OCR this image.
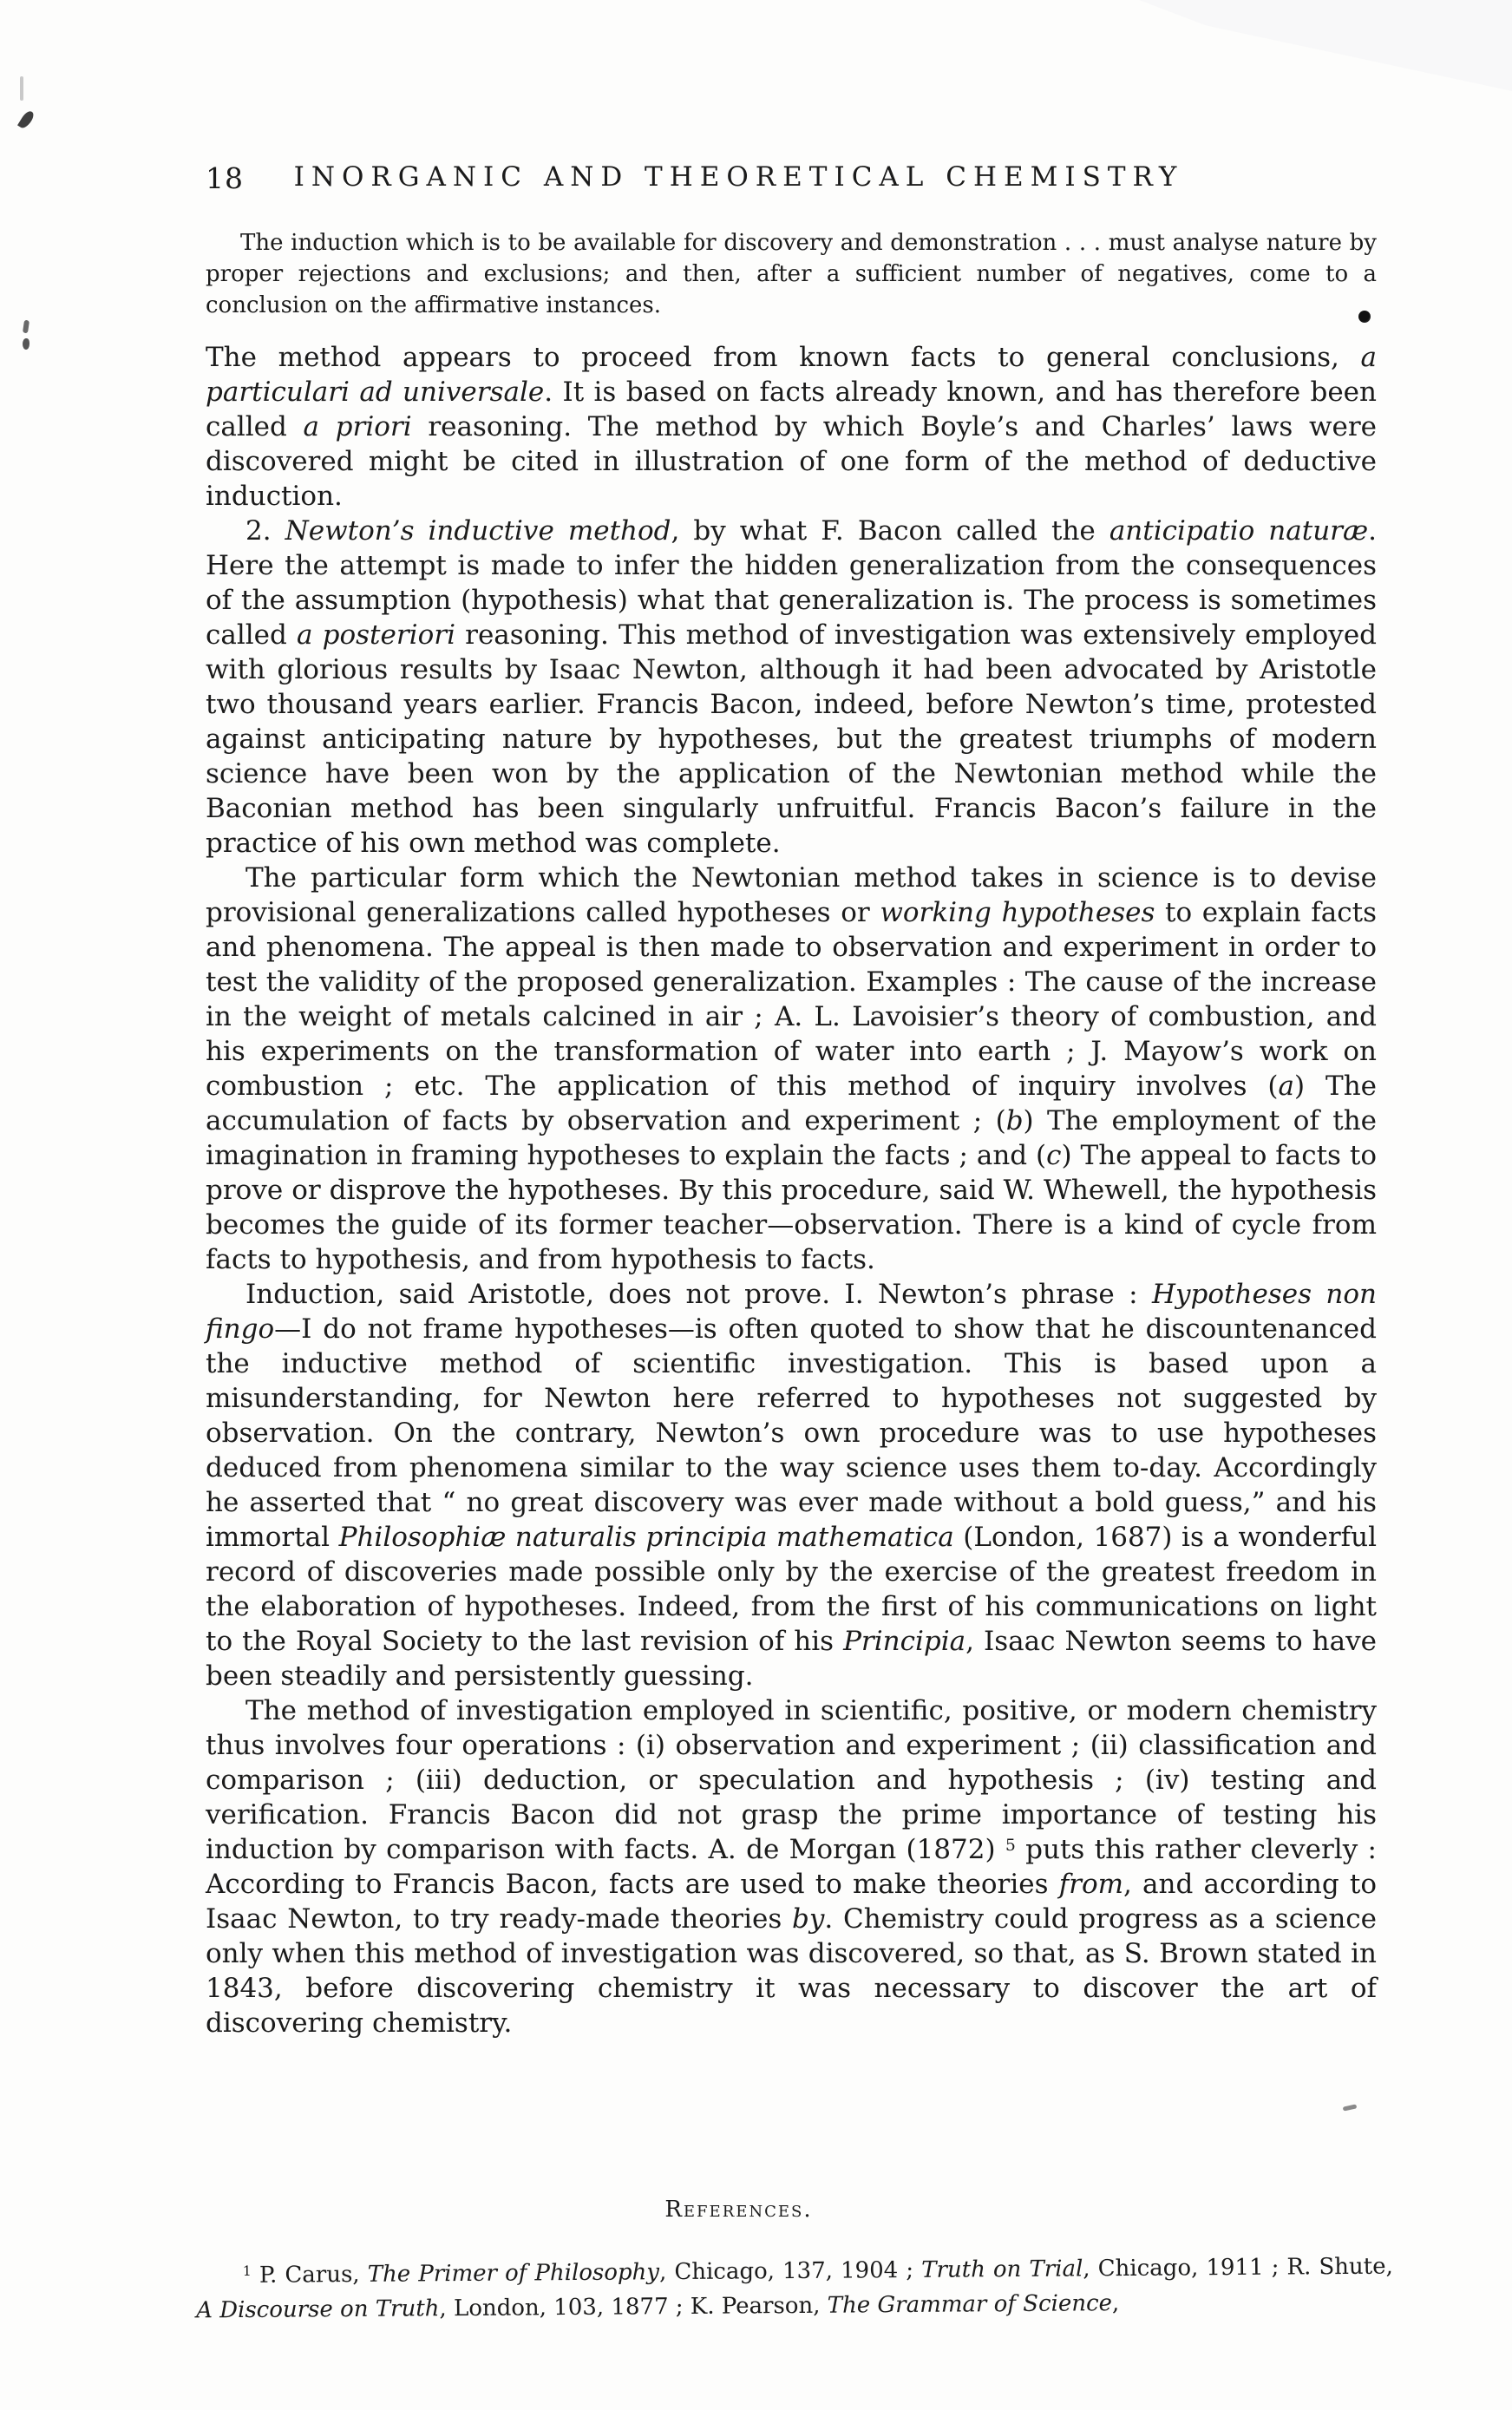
18	INORGANIC AND THEORETICAL CHEMISTRY

The induction which is to be available for discovery and demonstration . . . must analyse nature by proper rejections and exclusions; and then, after a sufficient number of negatives, come to a conclusion on the affirmative instances.

The method appears to proceed from known facts to general conclusions, a particulari ad universale. It is based on facts already known, and has therefore been called a priori reasoning. The method by which Boyle’s and Charles’ laws were discovered might be cited in illustration of one form of the method of deductive induction.

2. Newton’s inductive method, by what F. Bacon called the anticipatio naturæ. Here the attempt is made to infer the hidden generalization from the consequences of the assumption (hypothesis) what that generalization is. The process is sometimes called a posteriori reasoning. This method of investigation was extensively employed with glorious results by Isaac Newton, although it had been advocated by Aristotle two thousand years earlier. Francis Bacon, indeed, before Newton’s time, protested against anticipating nature by hypotheses, but the greatest triumphs of modern science have been won by the application of the Newtonian method while the Baconian method has been singularly unfruitful. Francis Bacon’s failure in the practice of his own method was complete.

The particular form which the Newtonian method takes in science is to devise provisional generalizations called hypotheses or working hypotheses to explain facts and phenomena. The appeal is then made to observation and experiment in order to test the validity of the proposed generalization. Examples : The cause of the increase in the weight of metals calcined in air ; A. L. Lavoisier’s theory of combustion, and his experiments on the transformation of water into earth ; J. Mayow’s work on combustion ; etc. The application of this method of inquiry involves (a) The accumulation of facts by observation and experiment ; (b) The employment of the imagination in framing hypotheses to explain the facts ; and (c) The appeal to facts to prove or disprove the hypotheses. By this procedure, said W. Whewell, the hypothesis becomes the guide of its former teacher—observation. There is a kind of cycle from facts to hypothesis, and from hypothesis to facts.

Induction, said Aristotle, does not prove. I. Newton’s phrase : Hypotheses non fingo—I do not frame hypotheses—is often quoted to show that he discountenanced the inductive method of scientific investigation. This is based upon a misunderstanding, for Newton here referred to hypotheses not suggested by observation. On the contrary, Newton’s own procedure was to use hypotheses deduced from phenomena similar to the way science uses them to-day. Accordingly he asserted that “ no great discovery was ever made without a bold guess,” and his immortal Philosophiæ naturalis principia mathematica (London, 1687) is a wonderful record of discoveries made possible only by the exercise of the greatest freedom in the elaboration of hypotheses. Indeed, from the first of his communications on light to the Royal Society to the last revision of his Principia, Isaac Newton seems to have been steadily and persistently guessing.

The method of investigation employed in scientific, positive, or modern chemistry thus involves four operations : (i) observation and experiment ; (ii) classification and comparison ; (iii) deduction, or speculation and hypothesis ; (iv) testing and verification. Francis Bacon did not grasp the prime importance of testing his induction by comparison with facts. A. de Morgan (1872) $^5$ puts this rather cleverly : According to Francis Bacon, facts are used to make theories from, and according to Isaac Newton, to try ready-made theories by. Chemistry could progress as a science only when this method of investigation was discovered, so that, as S. Brown stated in 1843, before discovering chemistry it was necessary to discover the art of discovering chemistry.

References.

$^1$ P. Carus, The Primer of Philosophy, Chicago, 137, 1904 ; Truth on Trial, Chicago, 1911 ; R. Shute, A Discourse on Truth, London, 103, 1877 ; K. Pearson, The Grammar of Science,
